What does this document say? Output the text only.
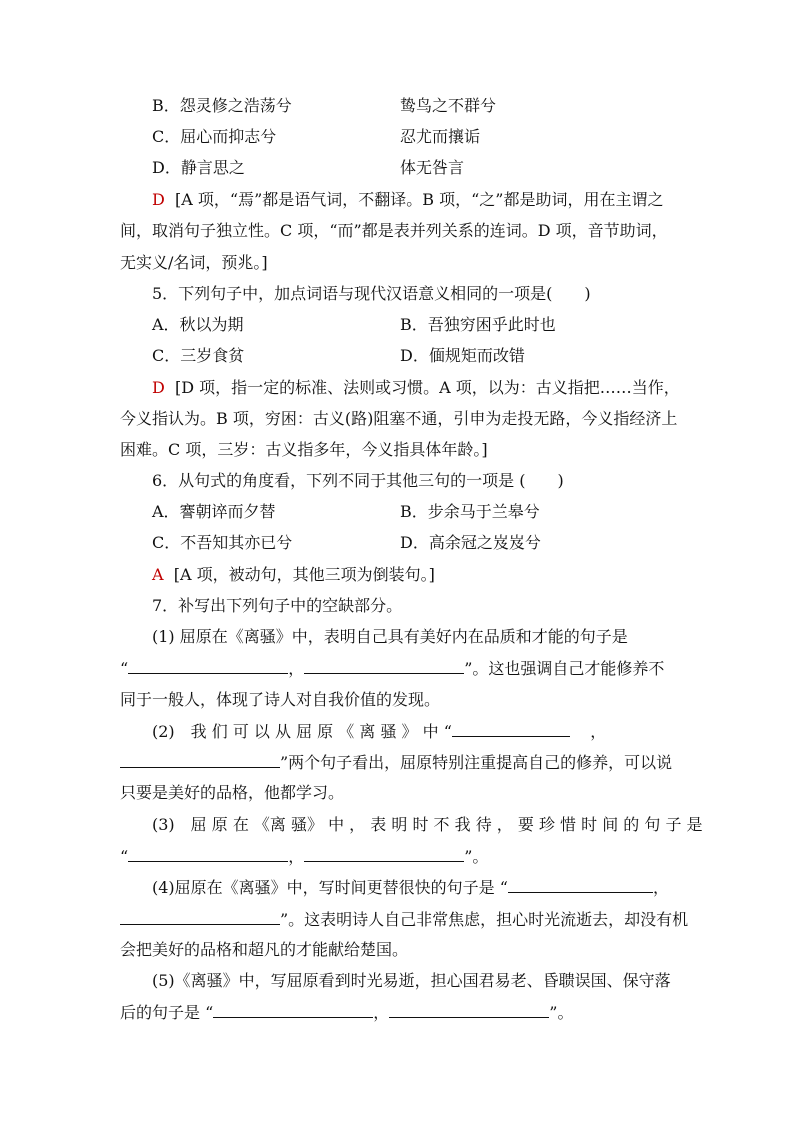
B．怨灵修之浩荡兮	鸷鸟之不群兮
C．屈心而抑志兮	忍尤而攘诟
D．静言思之	体无咎言
D [A 项，“焉”都是语气词，不翻译。B 项，“之”都是助词，用在主谓之
间，取消句子独立性。C 项，“而”都是表并列关系的连词。D 项，音节助词，
无实义/名词，预兆。]
5．下列句子中，加点词语与现代汉语意义相同的一项是(　　)
A．秋以为期	B．吾独穷困乎此时也
C．三岁食贫	D．偭规矩而改错
D [D 项，指一定的标准、法则或习惯。A 项，以为：古义指把……当作，
今义指认为。B 项，穷困：古义(路)阻塞不通，引申为走投无路，今义指经济上
困难。C 项，三岁：古义指多年，今义指具体年龄。]
6．从句式的角度看，下列不同于其他三句的一项是 (　　)
A．謇朝谇而夕替	B．步余马于兰皋兮
C．不吾知其亦已兮	D．高余冠之岌岌兮
A [A 项，被动句，其他三项为倒装句。]
7．补写出下列句子中的空缺部分。
(1) 屈原在《离骚》中，表明自己具有美好内在品质和才能的句子是
“	，	”。这也强调自己才能修养不
同于一般人，体现了诗人对自我价值的发现。
(2)　我 们 可 以 从 屈 原 《 离 骚 》 中 “	，
”两个句子看出，屈原特别注重提高自己的修养，可以说
只要是美好的品格，他都学习。
(3)　屈 原 在 《离 骚》 中 ， 表 明 时 不 我 待 ， 要 珍 惜 时 间 的 句 子 是
“	，	”。
(4)屈原在《离骚》中，写时间更替很快的句子是 “	，
”。这表明诗人自己非常焦虑，担心时光流逝去，却没有机
会把美好的品格和超凡的才能献给楚国。
(5)《离骚》中，写屈原看到时光易逝，担心国君易老、昏聩误国、保守落
后的句子是 “	，	”。
